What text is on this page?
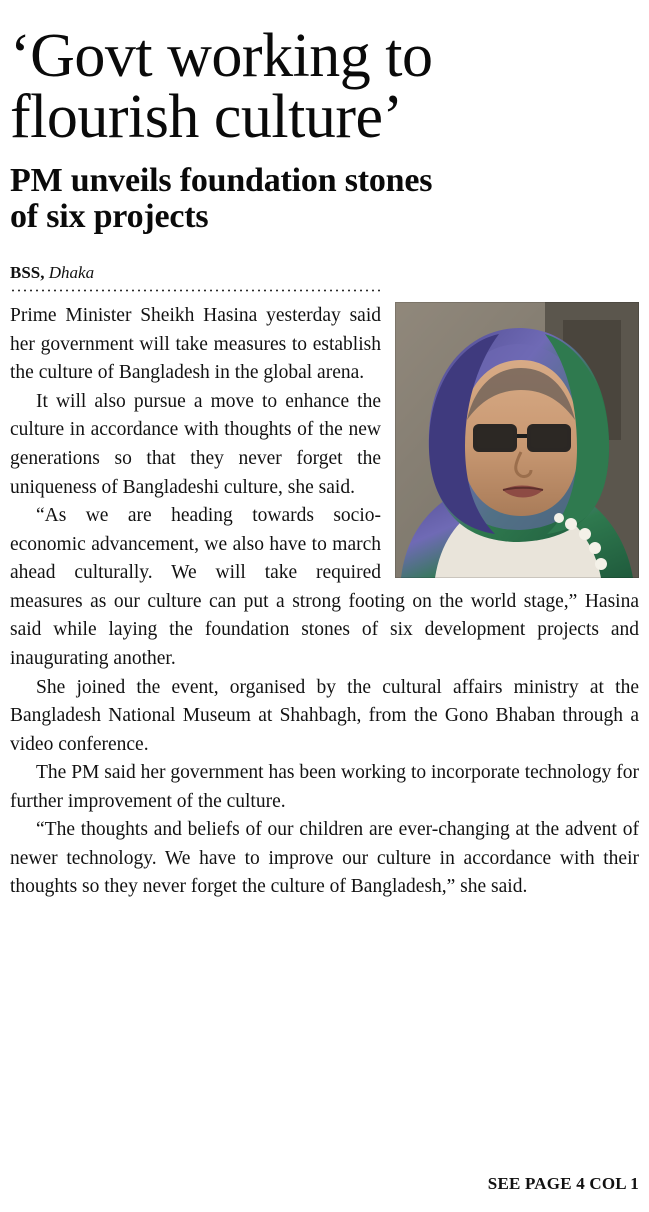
‘Govt working to
flourish culture’
PM unveils foundation stones
of six projects
BSS, Dhaka

Prime Minister Sheikh Hasina yesterday said her government will take measures to establish the culture of Bangladesh in the global arena.

It will also pursue a move to enhance the culture in accordance with thoughts of the new generations so that they never forget the uniqueness of Bangladeshi culture, she said.

“As we are heading towards socio-economic advancement, we also have to march ahead culturally. We will take required measures as our culture can put a strong footing on the world stage,” Hasina said while laying the foundation stones of six development projects and inaugurating another.

She joined the event, organised by the cultural affairs ministry at the Bangladesh National Museum at Shahbagh, from the Gono Bhaban through a video conference.

The PM said her government has been working to incorporate technology for further improvement of the culture.

“The thoughts and beliefs of our children are ever-changing at the advent of newer technology. We have to improve our culture in accordance with their thoughts so they never forget the culture of Bangladesh,” she said.

SEE PAGE 4 COL 1
